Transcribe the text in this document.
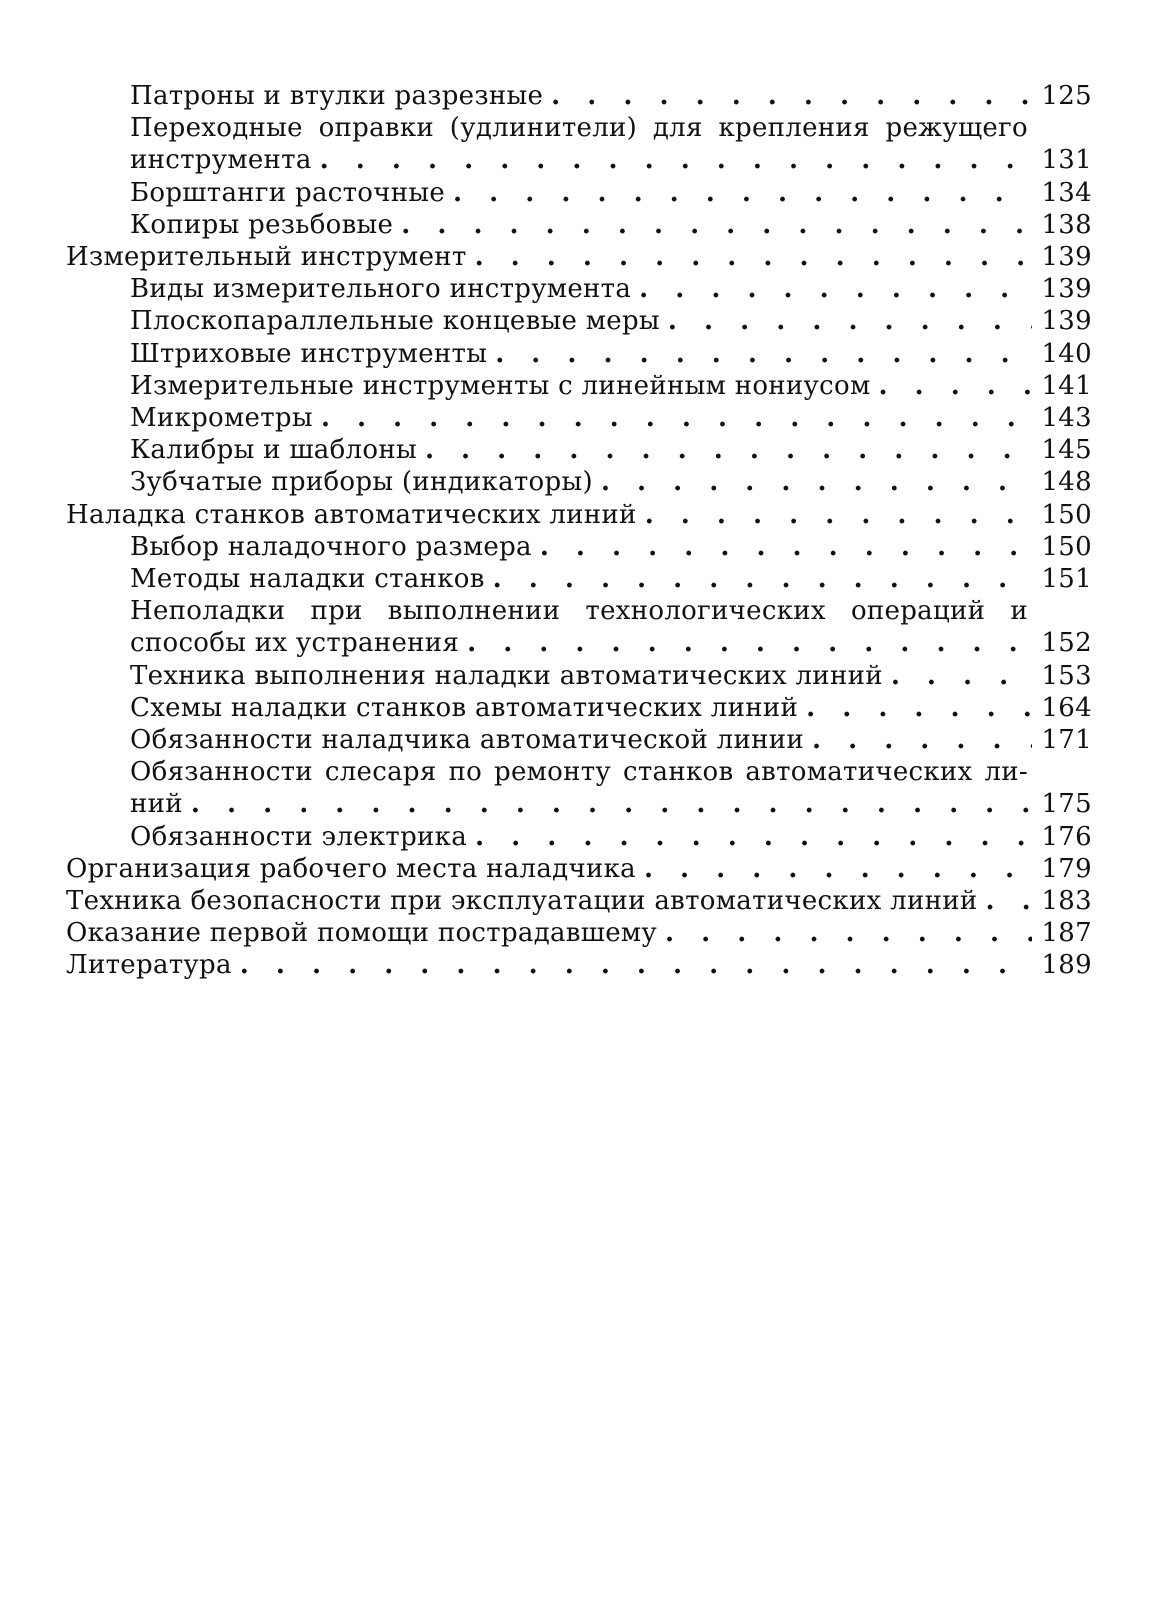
Патроны и втулки разрезные . . .	125
Переходные оправки (удлинители) для крепления режущего
инструмента . . .	131
Борштанги расточные . . .	134
Копиры резьбовые . . .	138
Измерительный инструмент . . .	139
Виды измерительного инструмента . . .	139
Плоскопараллельные концевые меры . . .	139
Штриховые инструменты . . .	140
Измерительные инструменты с линейным нониусом . . .	141
Микрометры . . .	143
Калибры и шаблоны . . .	145
Зубчатые приборы (индикаторы) . . .	148
Наладка станков автоматических линий . . .	150
Выбор наладочного размера . . .	150
Методы наладки станков . . .	151
Неполадки при выполнении технологических операций и
способы их устранения . . .	152
Техника выполнения наладки автоматических линий . . .	153
Схемы наладки станков автоматических линий . . .	164
Обязанности наладчика автоматической линии . . .	171
Обязанности слесаря по ремонту станков автоматических ли-
ний . . .	175
Обязанности электрика . . .	176
Организация рабочего места наладчика . . .	179
Техника безопасности при эксплуатации автоматических линий . . . 183
Оказание первой помощи пострадавшему . . .	187
Литература . . .	189
